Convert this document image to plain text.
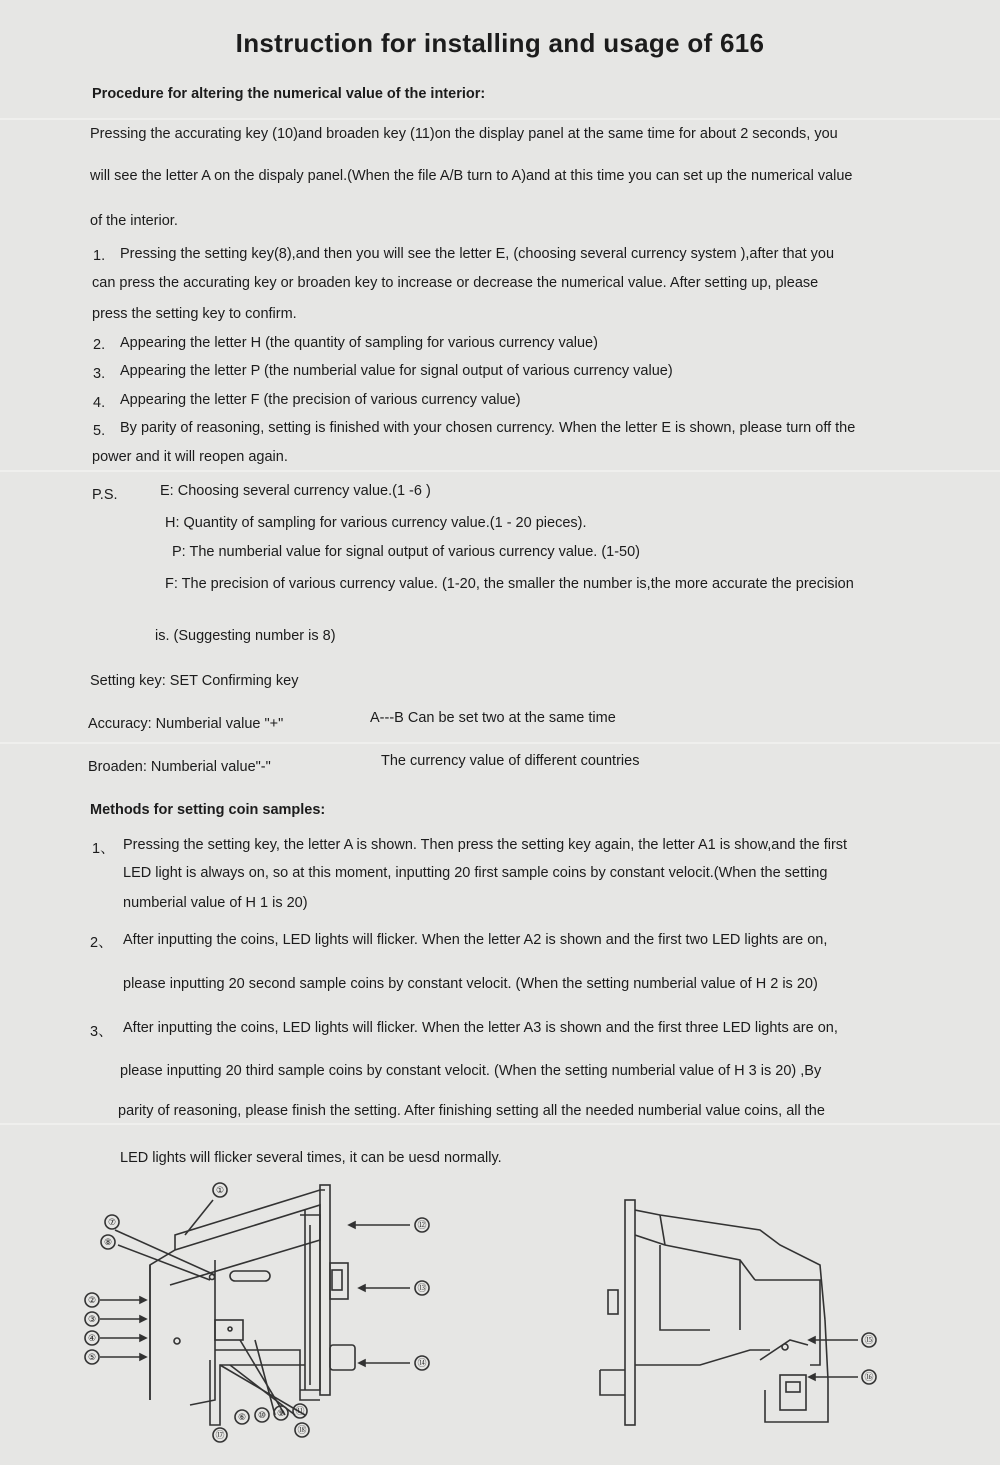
Instruction for installing and usage of 616
Procedure for altering the numerical value of the interior:
Pressing the accurating key (10)and broaden key (11)on the display panel at the same time for about 2 seconds, you
will see the letter A on the dispaly panel.(When the file A/B turn to A)and at this time you can set up the numerical value
of the interior.
1. Pressing the setting key(8),and then you will see the letter E, (choosing several currency system ),after that you
can press the accurating key or broaden key to increase or decrease the numerical value. After setting up, please
press the setting key to confirm.
2. Appearing the letter H (the quantity of sampling for various currency value)
3. Appearing the letter P (the numberial value for signal output of various currency value)
4. Appearing the letter F (the precision of various currency value)
5. By parity of reasoning, setting is finished with your chosen currency. When the letter E is shown, please turn off the
power and it will reopen again.
P.S.	E: Choosing several currency value.(1 -6 )
H: Quantity of sampling for various currency value.(1 - 20 pieces).
P: The numberial value for signal output of various currency value. (1-50)
F: The precision of various currency value. (1-20, the smaller the number is,the more accurate the precision
is. (Suggesting number is 8)
Setting key: SET Confirming key
Accuracy: Numberial value "+"	A---B Can be set two at the same time
Broaden: Numberial value"-"	The currency value of different countries
Methods for setting coin samples:
1、 Pressing the setting key, the letter A is shown. Then press the setting key again, the letter A1 is show,and the first
LED light is always on, so at this moment, inputting 20 first sample coins by constant velocit.(When the setting
numberial value of H 1 is 20)
2、 After inputting the coins, LED lights will flicker. When the letter A2 is shown and the first two LED lights are on,
please inputting 20 second sample coins by constant velocit. (When the setting numberial value of H 2 is 20)
3、 After inputting the coins, LED lights will flicker. When the letter A3 is shown and the first three LED lights are on,
please inputting 20 third sample coins by constant velocit. (When the setting numberial value of H 3 is 20) ,By
parity of reasoning, please finish the setting. After finishing setting all the needed numberial value coins, all the
LED lights will flicker several times, it can be uesd normally.
①
⑦
⑧
②
③
④
⑤
⑫
⑬
⑭
⑥ ⑩ ⑨ ⑪
⑱
⑰
⑮
⑯
